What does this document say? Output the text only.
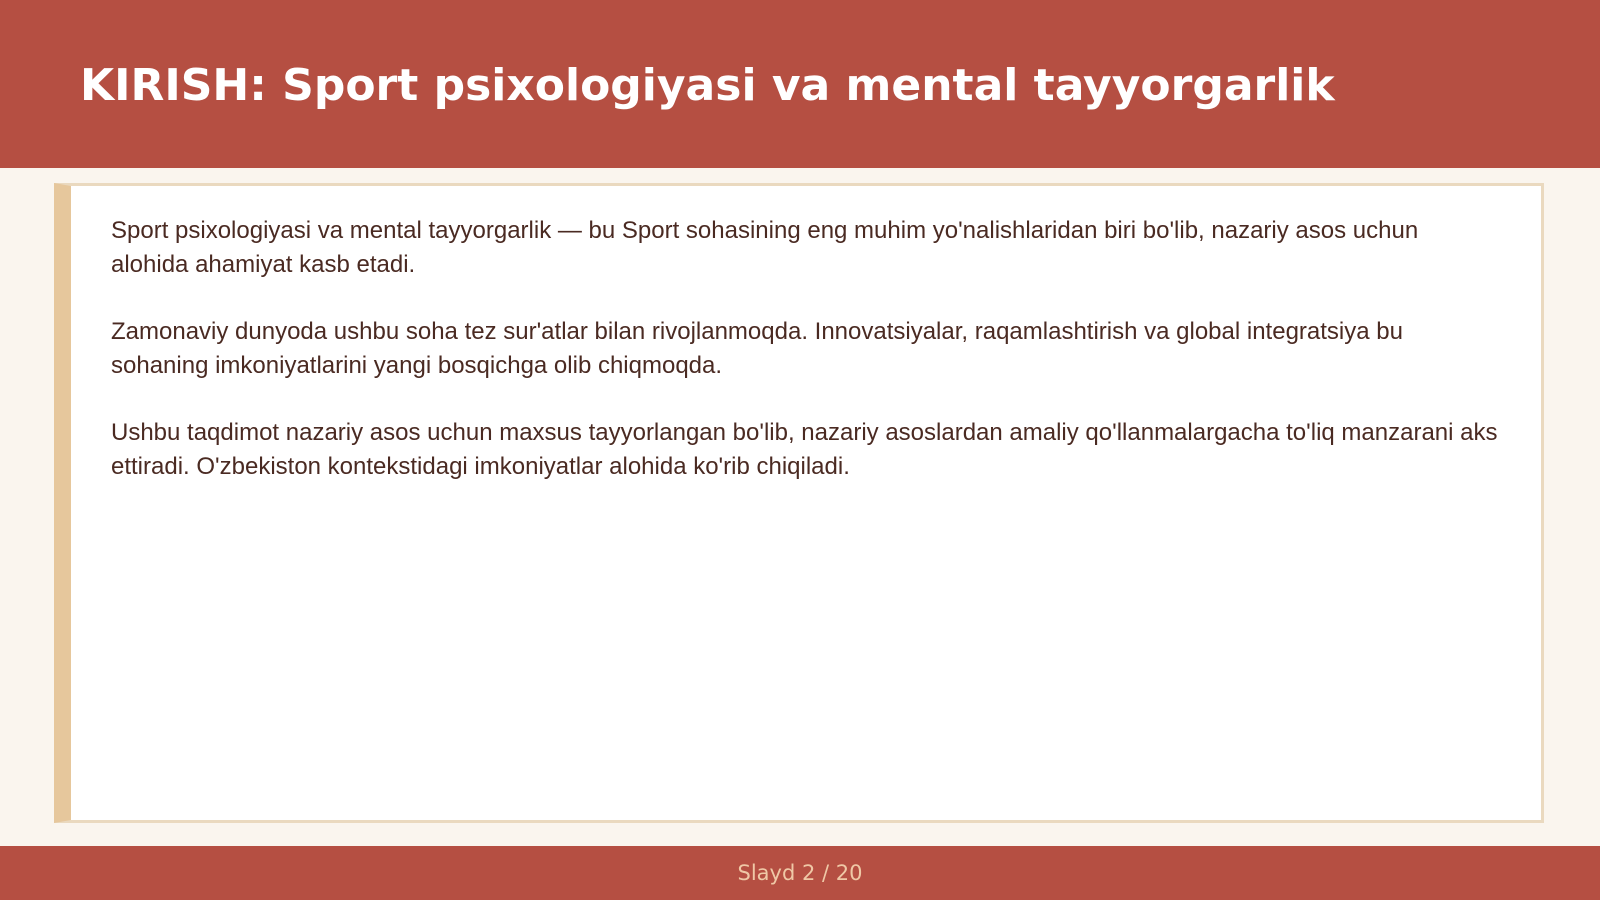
KIRISH: Sport psixologiyasi va mental tayyorgarlik

Sport psixologiyasi va mental tayyorgarlik — bu Sport sohasining eng muhim yo'nalishlaridan biri bo'lib, nazariy asos uchun alohida ahamiyat kasb etadi.

Zamonaviy dunyoda ushbu soha tez sur'atlar bilan rivojlanmoqda. Innovatsiyalar, raqamlashtirish va global integratsiya bu sohaning imkoniyatlarini yangi bosqichga olib chiqmoqda.

Ushbu taqdimot nazariy asos uchun maxsus tayyorlangan bo'lib, nazariy asoslardan amaliy qo'llanmalargacha to'liq manzarani aks ettiradi. O'zbekiston kontekstidagi imkoniyatlar alohida ko'rib chiqiladi.

Slayd 2 / 20
